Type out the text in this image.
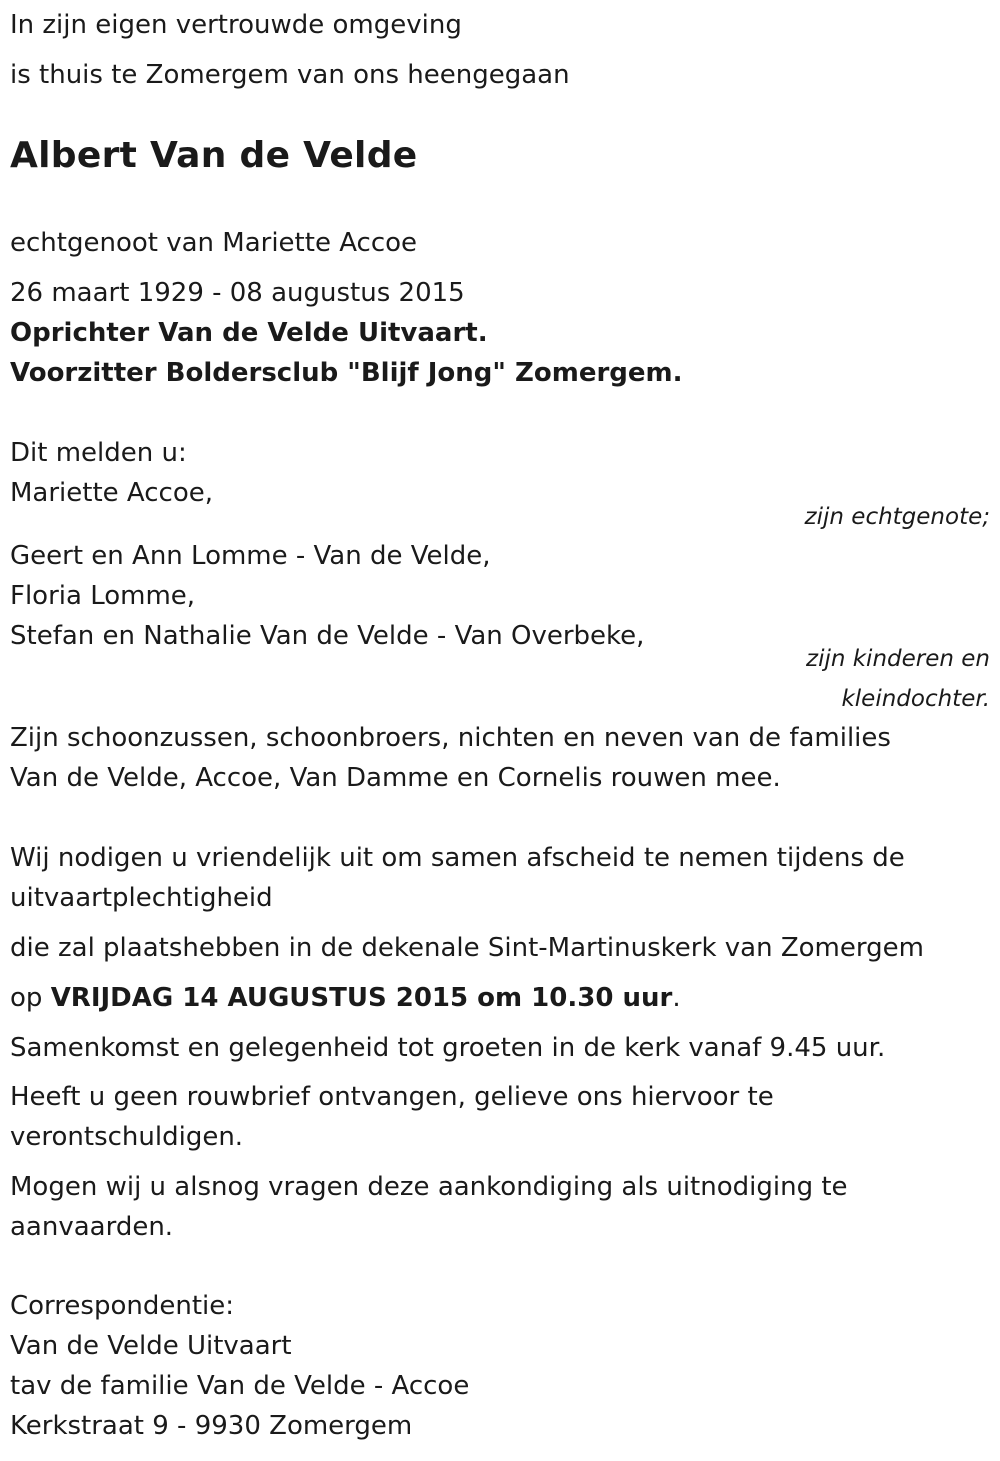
In zijn eigen vertrouwde omgeving
is thuis te Zomergem van ons heengegaan
Albert Van de Velde
echtgenoot van Mariette Accoe
26 maart 1929 - 08 augustus 2015
Oprichter Van de Velde Uitvaart.
Voorzitter Boldersclub "Blijf Jong" Zomergem.
Dit melden u:
Mariette Accoe,
zijn echtgenote;
Geert en Ann Lomme - Van de Velde,
Floria Lomme,
Stefan en Nathalie Van de Velde - Van Overbeke,
zijn kinderen en
kleindochter.
Zijn schoonzussen, schoonbroers, nichten en neven van de families
Van de Velde, Accoe, Van Damme en Cornelis rouwen mee.
Wij nodigen u vriendelijk uit om samen afscheid te nemen tijdens de
uitvaartplechtigheid
die zal plaatshebben in de dekenale Sint-Martinuskerk van Zomergem
op VRIJDAG 14 AUGUSTUS 2015 om 10.30 uur.
Samenkomst en gelegenheid tot groeten in de kerk vanaf 9.45 uur.
Heeft u geen rouwbrief ontvangen, gelieve ons hiervoor te
verontschuldigen.
Mogen wij u alsnog vragen deze aankondiging als uitnodiging te
aanvaarden.
Correspondentie:
Van de Velde Uitvaart
tav de familie Van de Velde - Accoe
Kerkstraat 9 - 9930 Zomergem
